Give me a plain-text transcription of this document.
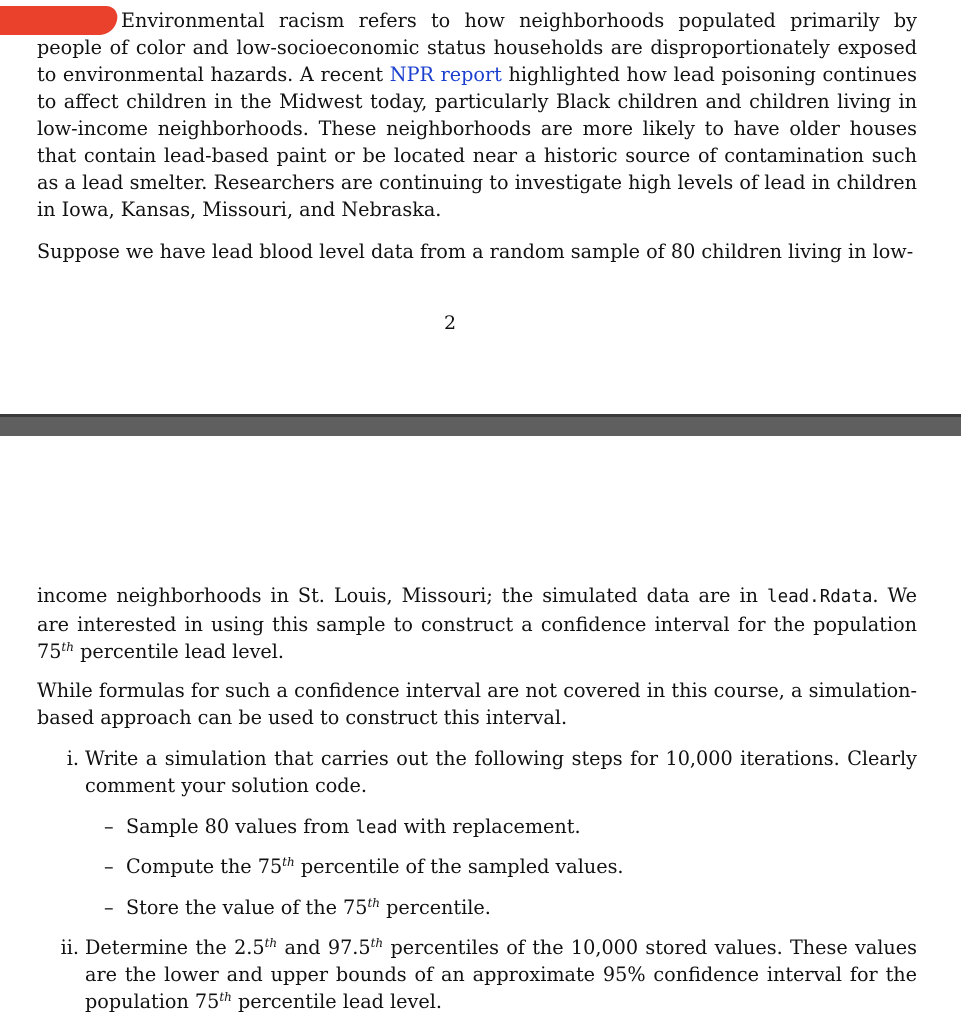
Environmental racism refers to how neighborhoods populated primarily by people of color and low-socioeconomic status households are disproportionately exposed to environmental hazards. A recent NPR report highlighted how lead poisoning continues to affect children in the Midwest today, particularly Black children and children living in low-income neighborhoods. These neighborhoods are more likely to have older houses that contain lead-based paint or be located near a historic source of contamination such as a lead smelter. Researchers are continuing to investigate high levels of lead in children in Iowa, Kansas, Missouri, and Nebraska.

Suppose we have lead blood level data from a random sample of 80 children living in low-

2

income neighborhoods in St. Louis, Missouri; the simulated data are in lead.Rdata. We are interested in using this sample to construct a confidence interval for the population 75th percentile lead level.

While formulas for such a confidence interval are not covered in this course, a simulation-based approach can be used to construct this interval.

i. Write a simulation that carries out the following steps for 10,000 iterations. Clearly comment your solution code.
– Sample 80 values from lead with replacement.
– Compute the 75th percentile of the sampled values.
– Store the value of the 75th percentile.
ii. Determine the 2.5th and 97.5th percentiles of the 10,000 stored values. These values are the lower and upper bounds of an approximate 95% confidence interval for the population 75th percentile lead level.
